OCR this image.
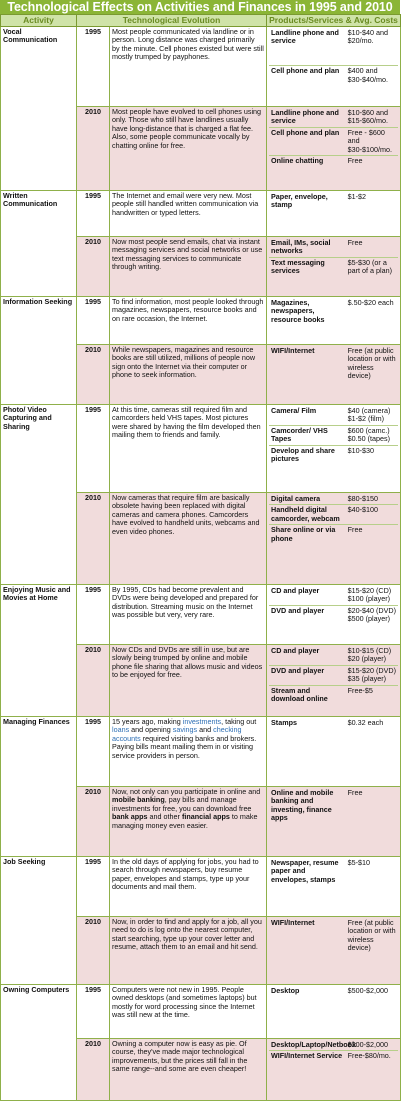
Technological Effects on Activities and Finances in 1995 and 2010
Activity	Technological Evolution	Products/Services & Avg. Costs
Vocal Communication	1995	Most people communicated via landline or in person. Long distance was charged primarily by the minute. Cell phones existed but were still mostly trumped by payphones.	
Landline phone and service	$10-$40 and $20/mo.
Cell phone and plan	$400 and $30-$40/mo.

2010	Most people have evolved to cell phones using only. Those who still have landlines usually have long-distance that is charged a flat fee. Also, some people communicate vocally by chatting online for free.	
Landline phone and service	$10-$60 and $15-$60/mo.
Cell phone and plan	Free - $600 and $30-$100/mo.
Online chatting	Free

Written Communication	1995	The Internet and email were very new. Most people still handled written communication via handwritten or typed letters.	
Paper, envelope, stamp	$1-$2

2010	Now most people send emails, chat via instant messaging services and social networks or use text messaging services to communicate through writing.	
Email, IMs, social networks	Free
Text messaging services	$5-$30 (or a part of a plan)

Information Seeking	1995	To find information, most people looked through magazines, newspapers, resource books and on rare occasion, the Internet.	
Magazines, newspapers, resource books	$.50-$20 each

2010	While newspapers, magazines and resource books are still utilized, millions of people now sign onto the Internet via their computer or phone to seek information.	
WIFI/Internet	Free (at public location or with wireless device)

Photo/ Video Capturing and Sharing	1995	At this time, cameras still required film and camcorders held VHS tapes. Most pictures were shared by having the film developed then mailing them to friends and family.	
Camera/ Film	$40 (camera) $1-$2 (film)
Camcorder/ VHS Tapes	$600 (camc.) $0.50 (tapes)
Develop and share pictures	$10-$30

2010	Now cameras that require film are basically obsolete having been replaced with digital cameras and camera phones. Camcorders have evolved to handheld units, webcams and even video phones.	
Digital camera	$80-$150
Handheld digital camcorder, webcam	$40-$100
Share online or via phone	Free

Enjoying Music and Movies at Home	1995	By 1995, CDs had become prevalent and DVDs were being developed and prepared for distribution. Streaming music on the Internet was possible but very, very rare.	
CD and player	$15-$20 (CD) $100 (player)
DVD and player	$20-$40 (DVD) $500 (player)

2010	Now CDs and DVDs are still in use, but are slowly being trumped by online and mobile phone file sharing that allows music and videos to be enjoyed for free.	
CD and player	$10-$15 (CD) $20 (player)
DVD and player	$15-$20 (DVD) $35 (player)
Stream and download online	Free-$5

Managing Finances	1995	15 years ago, making investments, taking out loans and opening savings and checking accounts required visiting banks and brokers. Paying bills meant mailing them in or visiting service providers in person.	
Stamps	$0.32 each

2010	Now, not only can you participate in online and mobile banking, pay bills and manage investments for free, you can download free bank apps and other financial apps to make managing money even easier.	
Online and mobile banking and investing, finance apps	Free

Job Seeking	1995	In the old days of applying for jobs, you had to search through newspapers, buy resume paper, envelopes and stamps, type up your documents and mail them.	
Newspaper, resume paper and envelopes, stamps	$5-$10

2010	Now, in order to find and apply for a job, all you need to do is log onto the nearest computer, start searching, type up your cover letter and resume, attach them to an email and hit send.	
WIFI/Internet	Free (at public location or with wireless device)

Owning Computers	1995	Computers were not new in 1995. People owned desktops (and sometimes laptops) but mostly for word processing since the Internet was still new at the time.	
Desktop	$500-$2,000

2010	Owning a computer now is easy as pie. Of course, they've made major technological improvements, but the prices still fall in the same range--and some are even cheaper!	
Desktop/Laptop/Netbook	$200-$2,000
WIFI/Internet Service	Free-$80/mo.
